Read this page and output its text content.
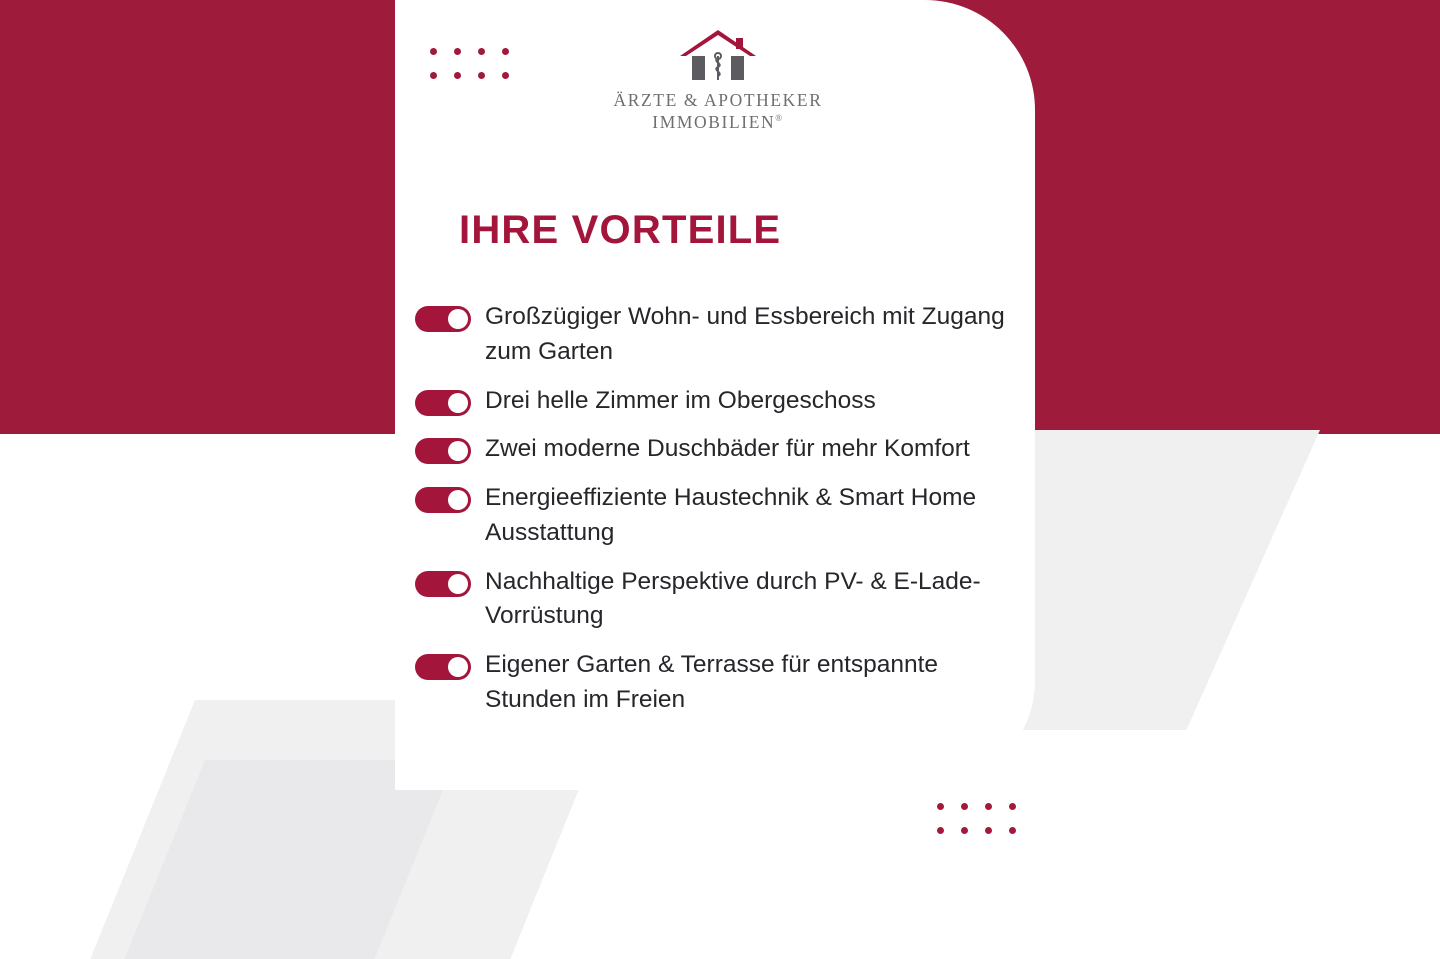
ÄRZTE & APOTHEKER
IMMOBILIEN®
IHRE VORTEILE
Großzügiger Wohn- und Essbereich mit Zugang zum Garten
Drei helle Zimmer im Obergeschoss
Zwei moderne Duschbäder für mehr Komfort
Energieeffiziente Haustechnik & Smart Home Ausstattung
Nachhaltige Perspektive durch PV- & E-Lade-Vorrüstung
Eigener Garten & Terrasse für entspannte Stunden im Freien
